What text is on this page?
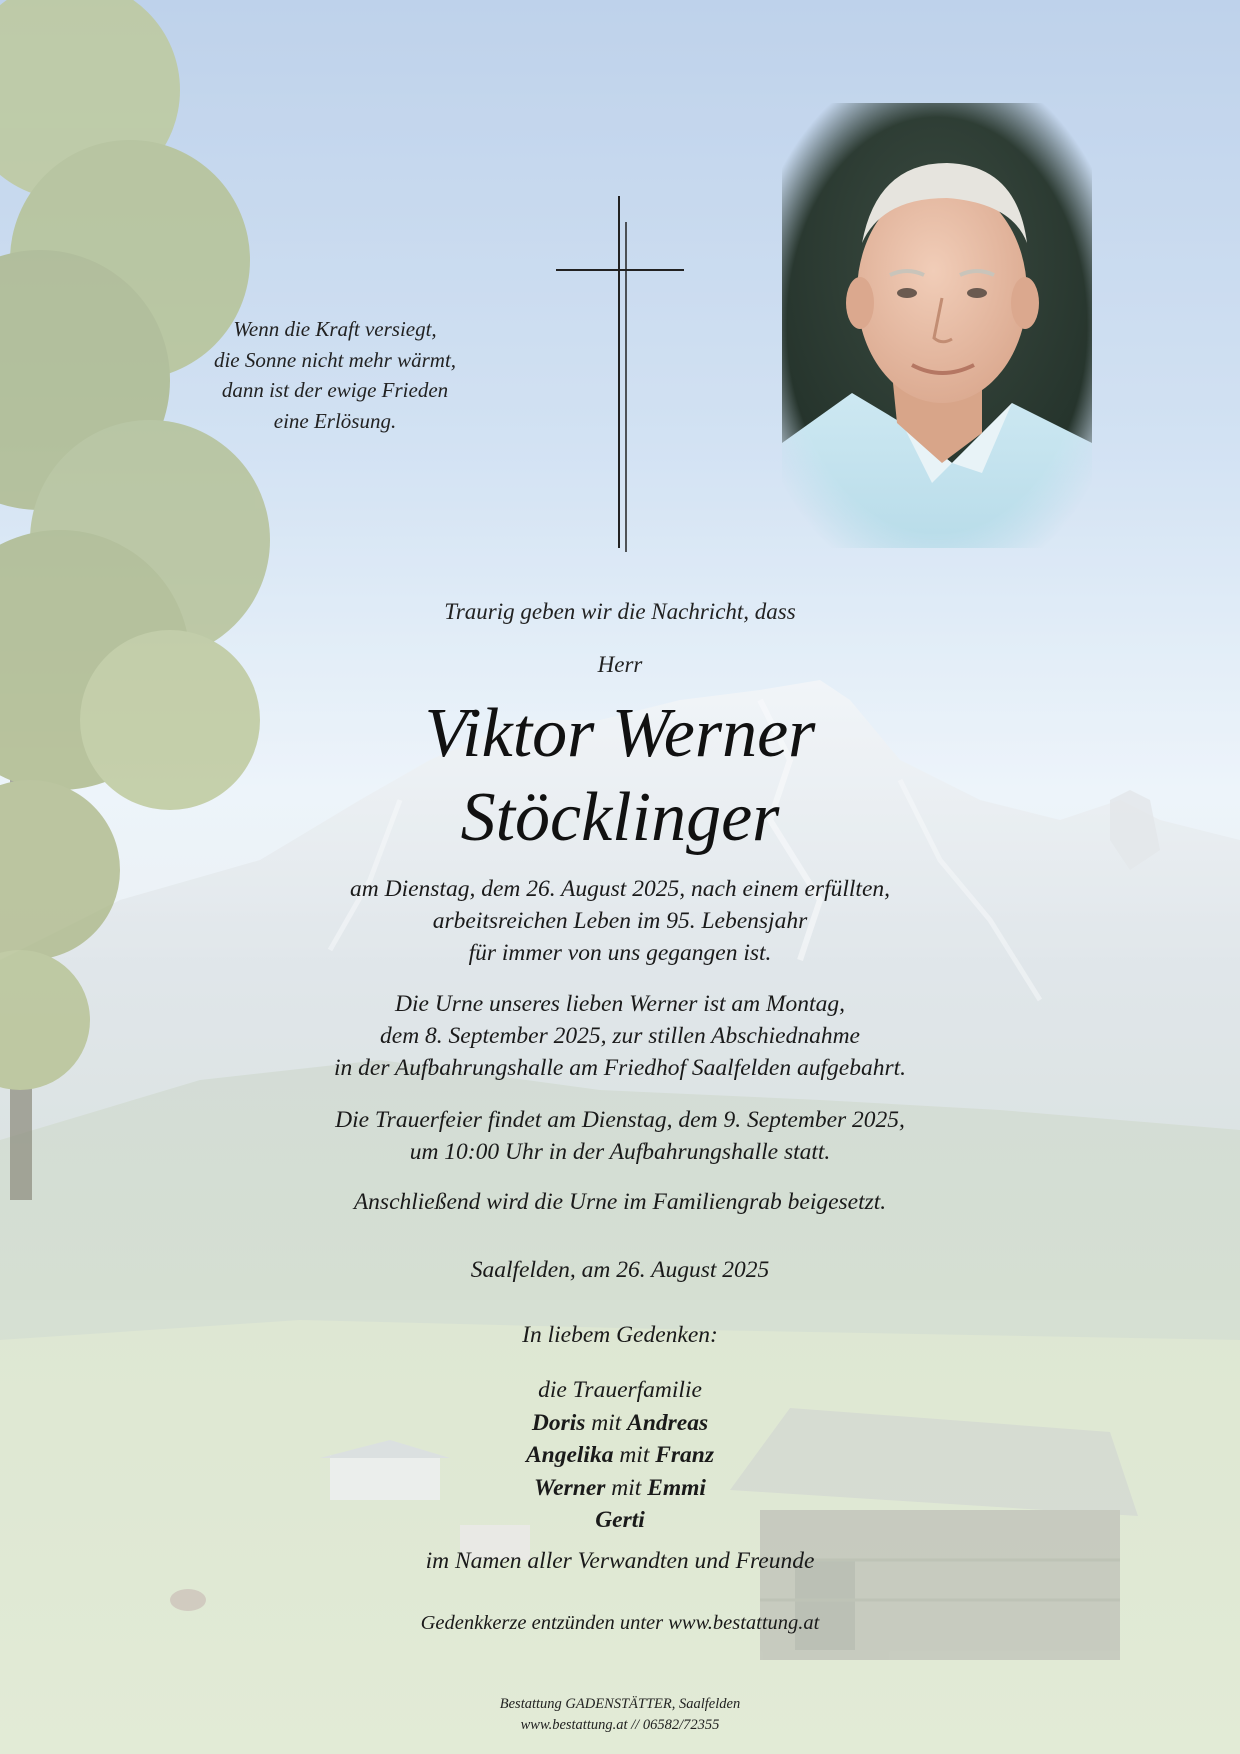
Wenn die Kraft versiegt,
die Sonne nicht mehr wärmt,
dann ist der ewige Frieden
eine Erlösung.
Traurig geben wir die Nachricht, dass
Herr
Viktor Werner
Stöcklinger
am Dienstag, dem 26. August 2025, nach einem erfüllten,
arbeitsreichen Leben im 95. Lebensjahr
für immer von uns gegangen ist.
Die Urne unseres lieben Werner ist am Montag,
dem 8. September 2025, zur stillen Abschiednahme
in der Aufbahrungshalle am Friedhof Saalfelden aufgebahrt.
Die Trauerfeier findet am Dienstag, dem 9. September 2025,
um 10:00 Uhr in der Aufbahrungshalle statt.
Anschließend wird die Urne im Familiengrab beigesetzt.
Saalfelden, am 26. August 2025
In liebem Gedenken:
die Trauerfamilie
Doris mit Andreas
Angelika mit Franz
Werner mit Emmi
Gerti
im Namen aller Verwandten und Freunde
Gedenkkerze entzünden unter www.bestattung.at
Bestattung GADENSTÄTTER, Saalfelden
www.bestattung.at // 06582/72355
